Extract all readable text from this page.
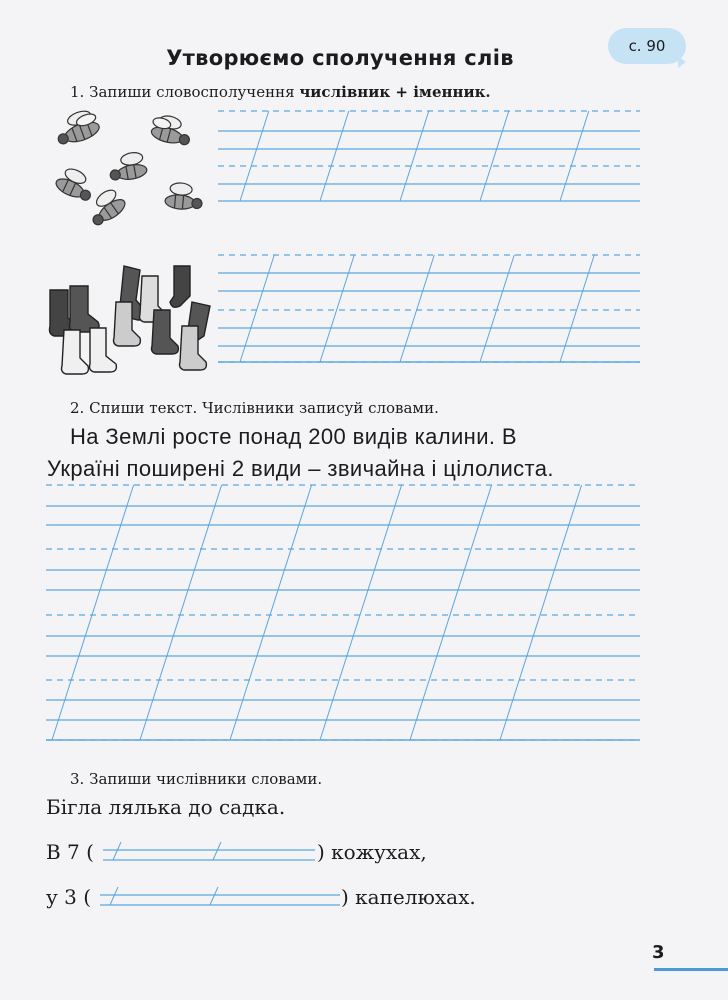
Утворюємо сполучення слів	с. 90
1. Запиши словосполучення числівник + іменник.
2. Спиши текст. Числівники записуй словами.
На Землі росте понад 200 видів калини. В
Україні поширені 2 види – звичайна і цілолиста.
3. Запиши числівники словами.
Бігла лялька до садка.
В 7 (	) кожухах,
у 3 (	) капелюхах.
3
